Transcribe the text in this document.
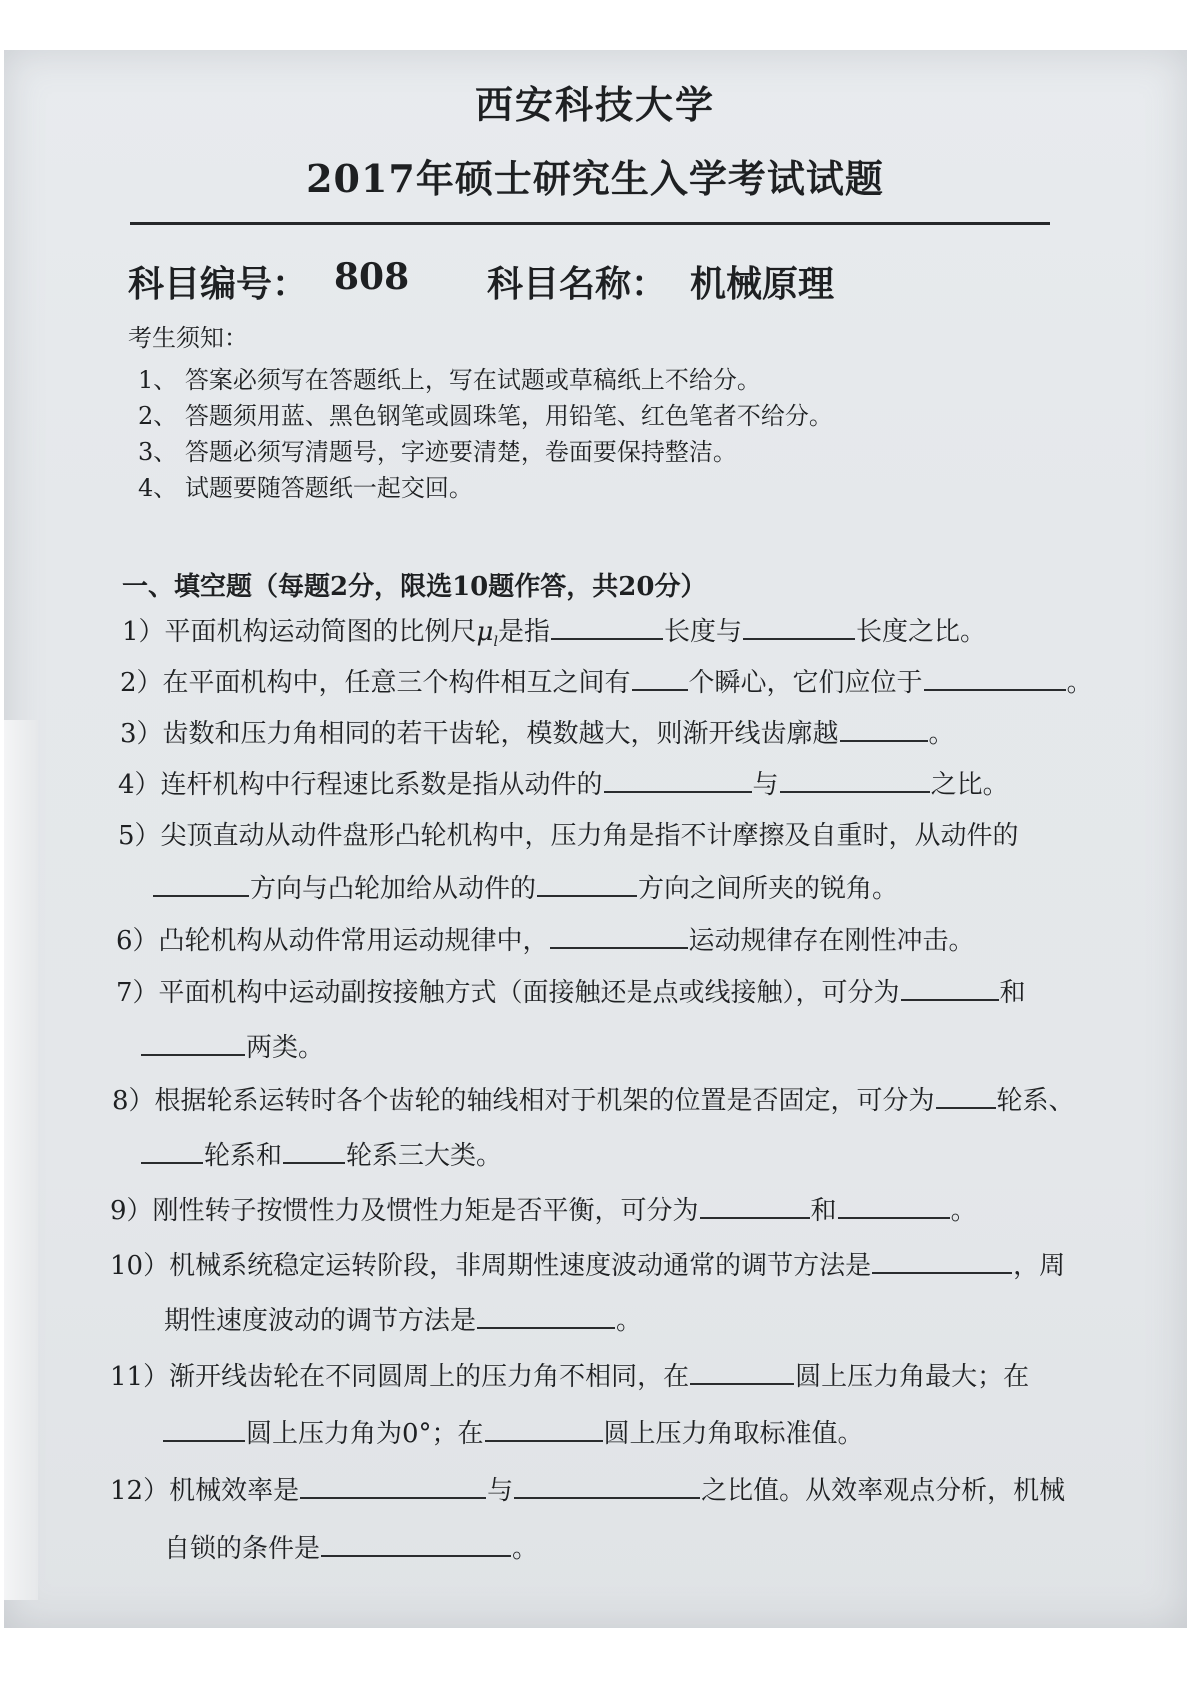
西安科技大学
2017年硕士研究生入学考试试题
科目编号： 808 科目名称： 机械原理
考生须知：
1、 答案必须写在答题纸上，写在试题或草稿纸上不给分。
2、 答题须用蓝、黑色钢笔或圆珠笔，用铅笔、红色笔者不给分。
3、 答题必须写清题号，字迹要清楚，卷面要保持整洁。
4、 试题要随答题纸一起交回。
一、填空题（每题2分，限选10题作答，共20分）
1）平面机构运动简图的比例尺$\mu_l$是指	长度与	长度之比。
2）在平面机构中，任意三个构件相互之间有 个瞬心，它们应位于	。
3）齿数和压力角相同的若干齿轮，模数越大，则渐开线齿廓越	。
4）连杆机构中行程速比系数是指从动件的	与	之比。
5）尖顶直动从动件盘形凸轮机构中，压力角是指不计摩擦及自重时，从动件的
方向与凸轮加给从动件的	方向之间所夹的锐角。
6）凸轮机构从动件常用运动规律中，	运动规律存在刚性冲击。
7）平面机构中运动副按接触方式（面接触还是点或线接触），可分为	和
两类。
8）根据轮系运转时各个齿轮的轴线相对于机架的位置是否固定，可分为 轮系、
轮系和 轮系三大类。
9）刚性转子按惯性力及惯性力矩是否平衡，可分为	和	。
10）机械系统稳定运转阶段，非周期性速度波动通常的调节方法是	，周
期性速度波动的调节方法是	。
11）渐开线齿轮在不同圆周上的压力角不相同，在	圆上压力角最大；在
圆上压力角为0°；在	圆上压力角取标准值。
12）机械效率是	与	之比值。从效率观点分析，机械
自锁的条件是	。
